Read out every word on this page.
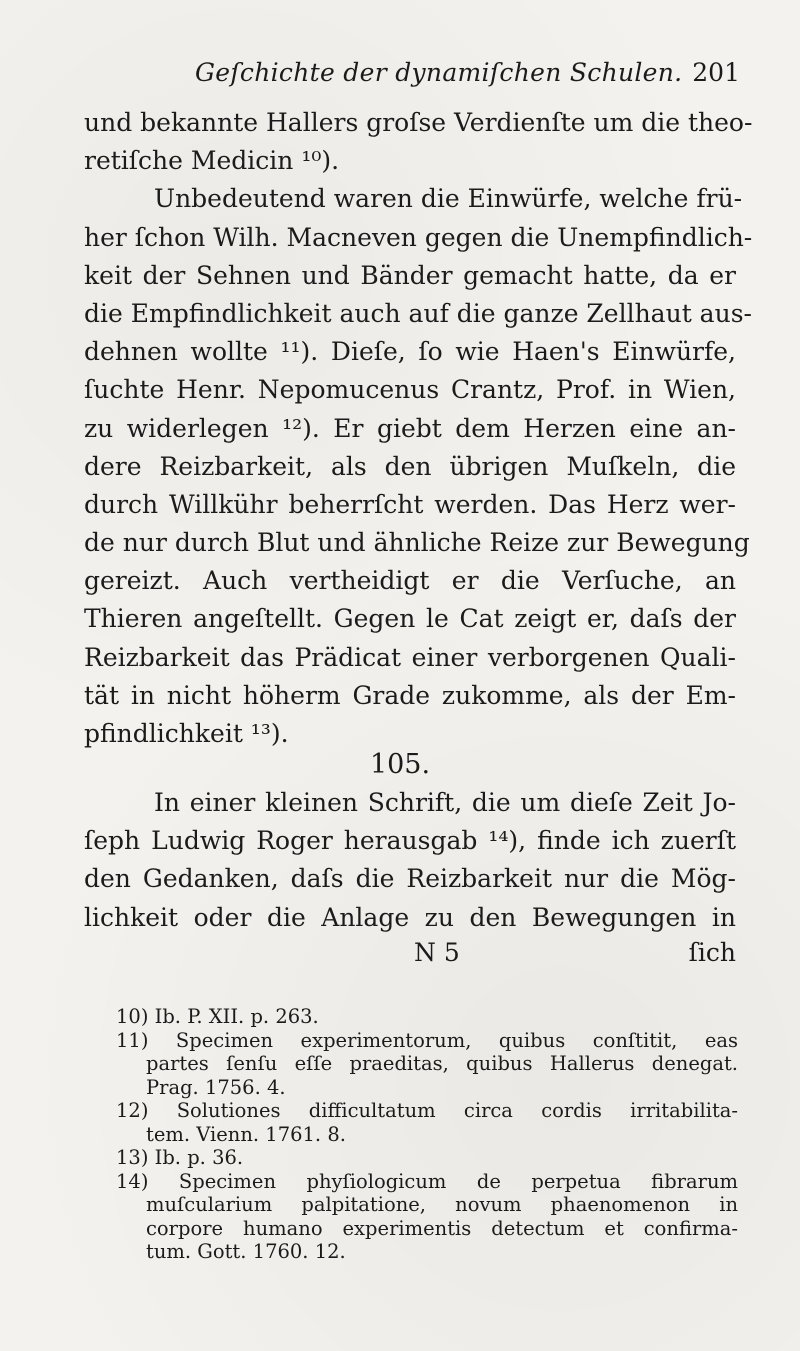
Geſchichte der dynamiſchen Schulen. 201
und bekannte Hallers groſse Verdienſte um die theo-
retiſche Medicin ¹⁰).
Unbedeutend waren die Einwürfe, welche frü-
her ſchon Wilh. Macneven gegen die Unempfindlich-
keit der Sehnen und Bänder gemacht hatte, da er
die Empfindlichkeit auch auf die ganze Zellhaut aus-
dehnen wollte ¹¹). Dieſe, ſo wie Haen's Einwürfe,
ſuchte Henr. Nepomucenus Crantz, Prof. in Wien,
zu widerlegen ¹²). Er giebt dem Herzen eine an-
dere Reizbarkeit, als den übrigen Muſkeln, die
durch Willkühr beherrſcht werden. Das Herz wer-
de nur durch Blut und ähnliche Reize zur Bewegung
gereizt. Auch vertheidigt er die Verſuche, an
Thieren angeſtellt. Gegen le Cat zeigt er, daſs der
Reizbarkeit das Prädicat einer verborgenen Quali-
tät in nicht höherm Grade zukomme, als der Em-
pfindlichkeit ¹³).
105.
In einer kleinen Schrift, die um dieſe Zeit Jo-
ſeph Ludwig Roger herausgab ¹⁴), finde ich zuerſt
den Gedanken, daſs die Reizbarkeit nur die Mög-
lichkeit oder die Anlage zu den Bewegungen in
N 5	ſich
10) Ib. P. XII. p. 263.
11) Specimen experimentorum, quibus conſtitit, eas
partes ſenſu eſſe praeditas, quibus Hallerus denegat.
Prag. 1756. 4.
12) Solutiones difficultatum circa cordis irritabilita-
tem. Vienn. 1761. 8.
13) Ib. p. 36.
14) Specimen phyſiologicum de perpetua fibrarum
muſcularium palpitatione, novum phaenomenon in
corpore humano experimentis detectum et confirma-
tum. Gott. 1760. 12.
